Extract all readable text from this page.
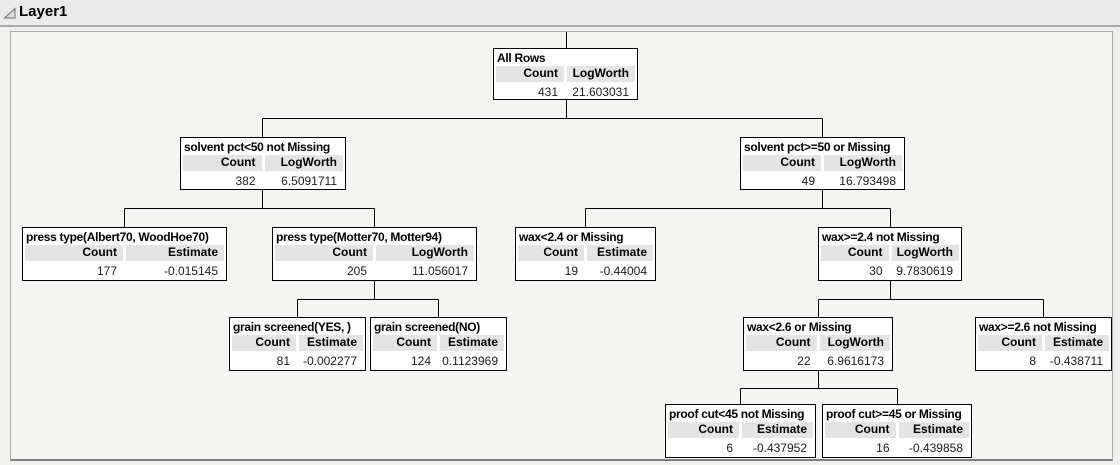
Layer1
All Rows
Count	LogWorth
431	21.603031
solvent pct<50 not Missing
Count	LogWorth
382	6.5091711
solvent pct>=50 or Missing
Count	LogWorth
49	16.793498
press type(Albert70, WoodHoe70)
Count	Estimate
177	-0.015145
press type(Motter70, Motter94)
Count	LogWorth
205	11.056017
wax<2.4 or Missing
Count	Estimate
19	-0.44004
wax>=2.4 not Missing
Count	LogWorth
30	9.7830619
grain screened(YES, )
Count	Estimate
81	-0.002277
grain screened(NO)
Count	Estimate
124 0.1123969
wax<2.6 or Missing
Count	LogWorth
22	6.9616173
wax>=2.6 not Missing
Count	Estimate
8	-0.438711
proof cut<45 not Missing
Count	Estimate
6	-0.437952
proof cut>=45 or Missing
Count	Estimate
16	-0.439858
